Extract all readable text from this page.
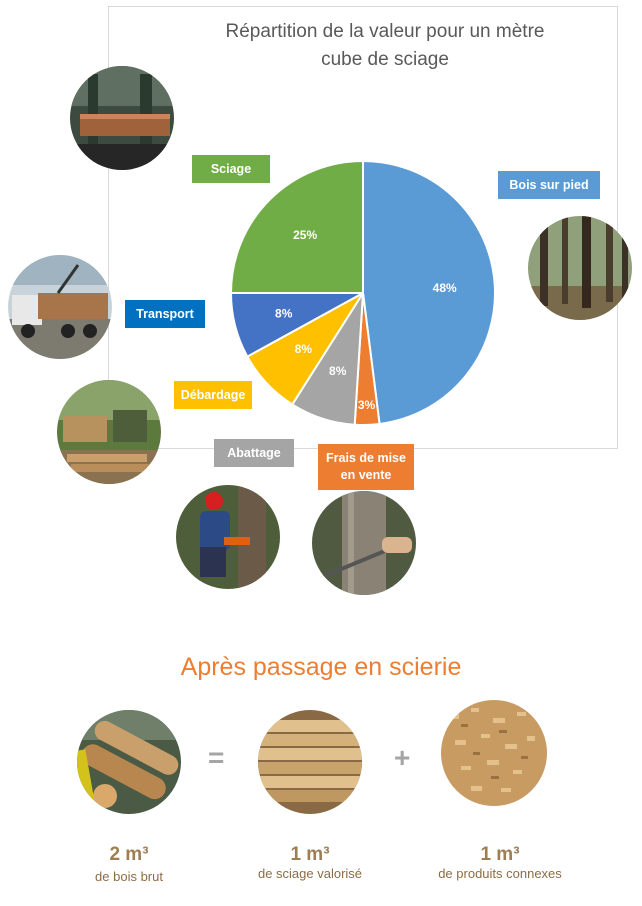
Répartition de la valeur pour un mètre
cube de sciage
48%
3%
8%
8%
8%
25%
Sciage
Bois sur pied
Transport
Débardage
Abattage	Frais de mise
en vente
Après passage en scierie
=	+
2 m³
de bois brut
1 m³
de sciage valorisé
1 m³
de produits connexes
